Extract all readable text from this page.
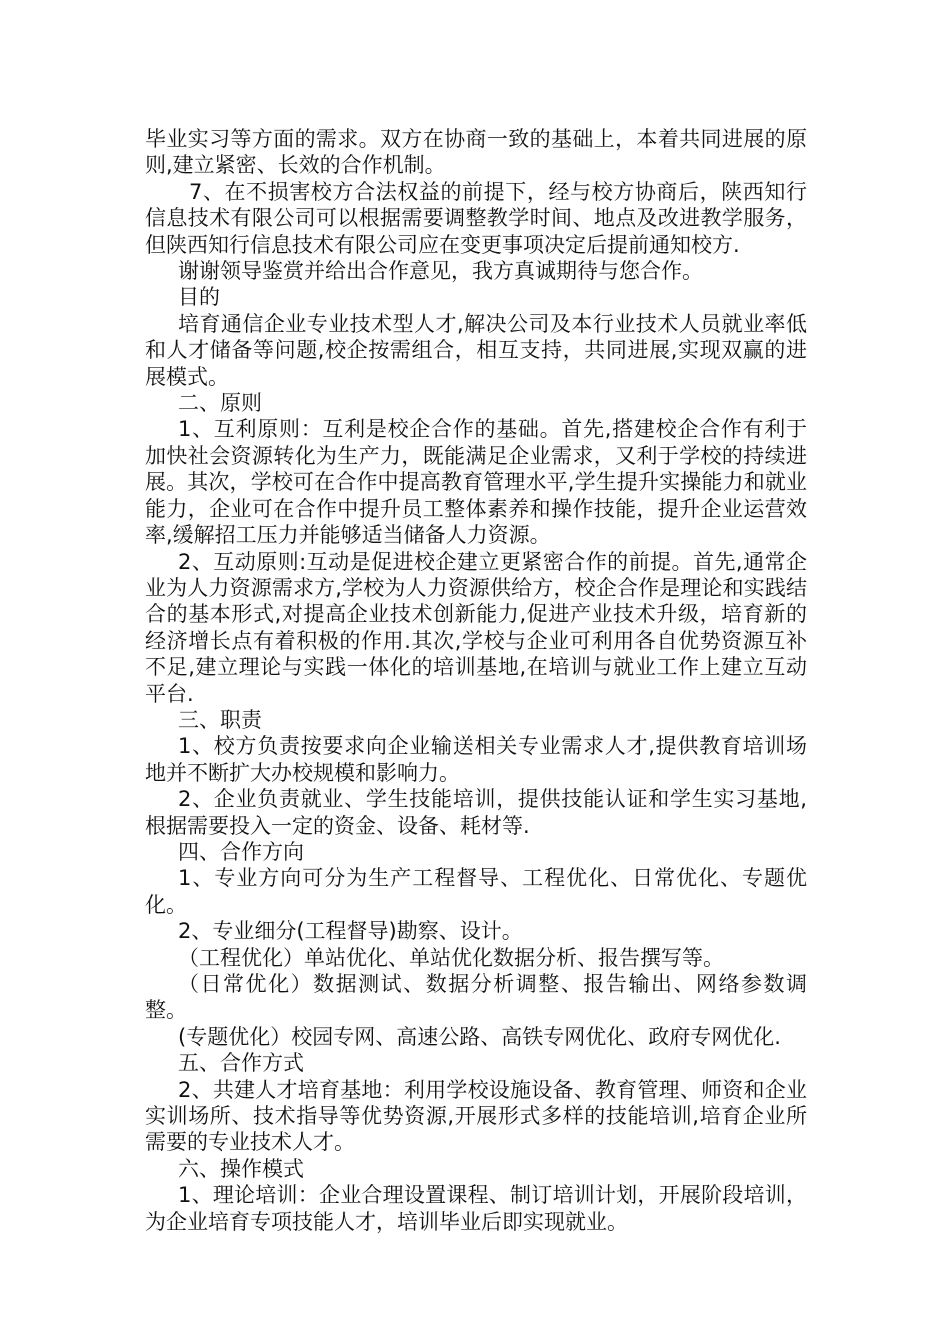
毕业实习等方面的需求。双方在协商一致的基础上，本着共同进展的原则,建立紧密、长效的合作机制。

7、在不损害校方合法权益的前提下，经与校方协商后，陕西知行信息技术有限公司可以根据需要调整教学时间、地点及改进教学服务，但陕西知行信息技术有限公司应在变更事项决定后提前通知校方.

谢谢领导鉴赏并给出合作意见，我方真诚期待与您合作。

目的

培育通信企业专业技术型人才,解决公司及本行业技术人员就业率低和人才储备等问题,校企按需组合，相互支持，共同进展,实现双赢的进展模式。

二、原则

1、互利原则：互利是校企合作的基础。首先,搭建校企合作有利于加快社会资源转化为生产力，既能满足企业需求，又利于学校的持续进展。其次，学校可在合作中提高教育管理水平,学生提升实操能力和就业能力，企业可在合作中提升员工整体素养和操作技能，提升企业运营效率,缓解招工压力并能够适当储备人力资源。

2、互动原则:互动是促进校企建立更紧密合作的前提。首先,通常企业为人力资源需求方,学校为人力资源供给方，校企合作是理论和实践结合的基本形式,对提高企业技术创新能力,促进产业技术升级，培育新的经济增长点有着积极的作用.其次,学校与企业可利用各自优势资源互补不足,建立理论与实践一体化的培训基地,在培训与就业工作上建立互动平台.

三、职责

1、校方负责按要求向企业输送相关专业需求人才,提供教育培训场地并不断扩大办校规模和影响力。

2、企业负责就业、学生技能培训，提供技能认证和学生实习基地,根据需要投入一定的资金、设备、耗材等.

四、合作方向

1、专业方向可分为生产工程督导、工程优化、日常优化、专题优化。

2、专业细分(工程督导)勘察、设计。

（工程优化）单站优化、单站优化数据分析、报告撰写等。

（日常优化）数据测试、数据分析调整、报告输出、网络参数调整。

(专题优化）校园专网、高速公路、高铁专网优化、政府专网优化.

五、合作方式

2、共建人才培育基地：利用学校设施设备、教育管理、师资和企业实训场所、技术指导等优势资源,开展形式多样的技能培训,培育企业所需要的专业技术人才。

六、操作模式

1、理论培训：企业合理设置课程、制订培训计划，开展阶段培训，为企业培育专项技能人才，培训毕业后即实现就业。
